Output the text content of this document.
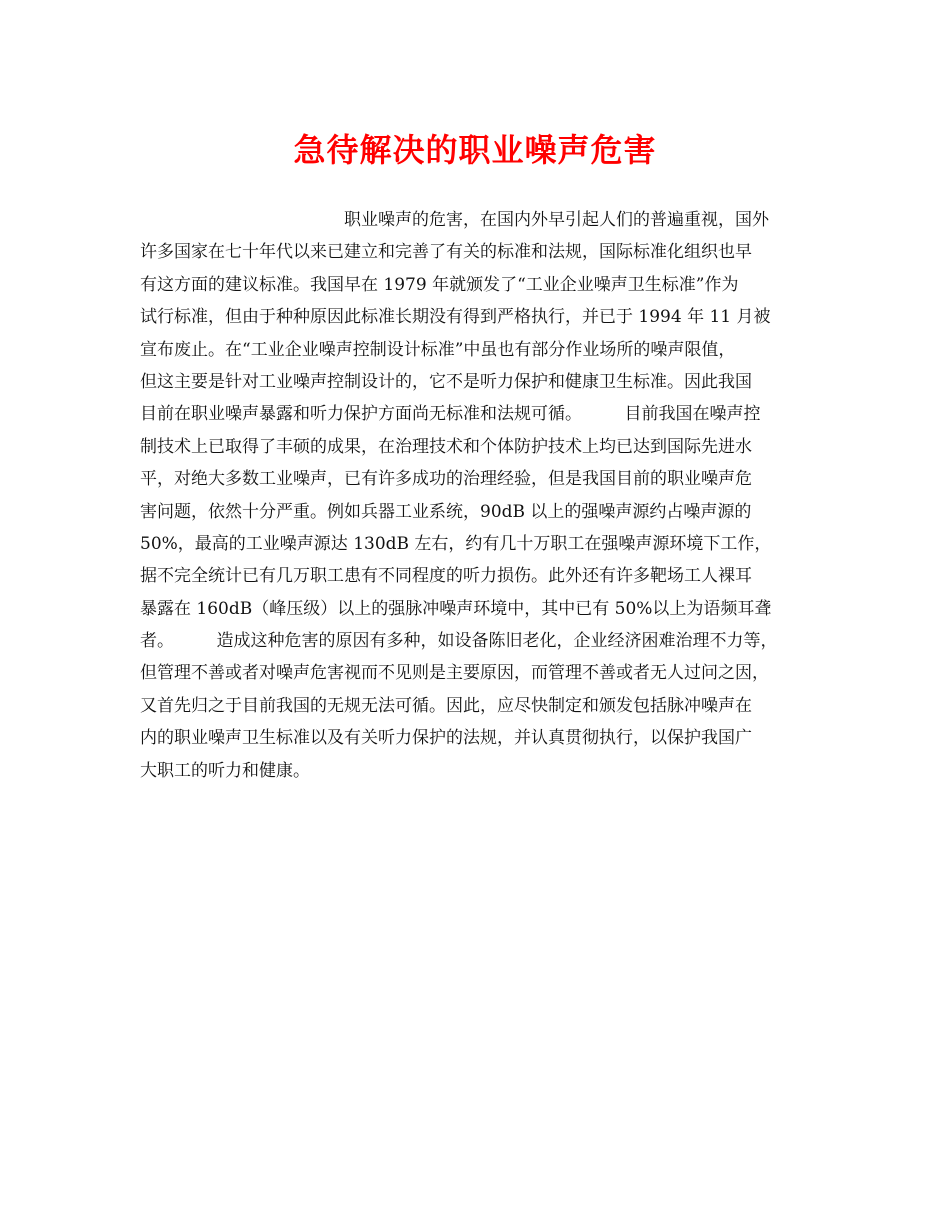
急待解决的职业噪声危害
职业噪声的危害，在国内外早引起人们的普遍重视，国外
许多国家在七十年代以来已建立和完善了有关的标准和法规，国际标准化组织也早
有这方面的建议标准。我国早在 1979 年就颁发了“工业企业噪声卫生标准”作为
试行标准，但由于种种原因此标准长期没有得到严格执行，并已于 1994 年 11 月被
宣布废止。在“工业企业噪声控制设计标准”中虽也有部分作业场所的噪声限值，
但这主要是针对工业噪声控制设计的，它不是听力保护和健康卫生标准。因此我国
目前在职业噪声暴露和听力保护方面尚无标准和法规可循。　　　目前我国在噪声控
制技术上已取得了丰硕的成果，在治理技术和个体防护技术上均已达到国际先进水
平，对绝大多数工业噪声，已有许多成功的治理经验，但是我国目前的职业噪声危
害问题，依然十分严重。例如兵器工业系统，90dB 以上的强噪声源约占噪声源的
50%，最高的工业噪声源达 130dB 左右，约有几十万职工在强噪声源环境下工作，
据不完全统计已有几万职工患有不同程度的听力损伤。此外还有许多靶场工人裸耳
暴露在 160dB（峰压级）以上的强脉冲噪声环境中，其中已有 50%以上为语频耳聋
者。　　　造成这种危害的原因有多种，如设备陈旧老化，企业经济困难治理不力等，
但管理不善或者对噪声危害视而不见则是主要原因，而管理不善或者无人过问之因，
又首先归之于目前我国的无规无法可循。因此，应尽快制定和颁发包括脉冲噪声在
内的职业噪声卫生标准以及有关听力保护的法规，并认真贯彻执行，以保护我国广
大职工的听力和健康。
